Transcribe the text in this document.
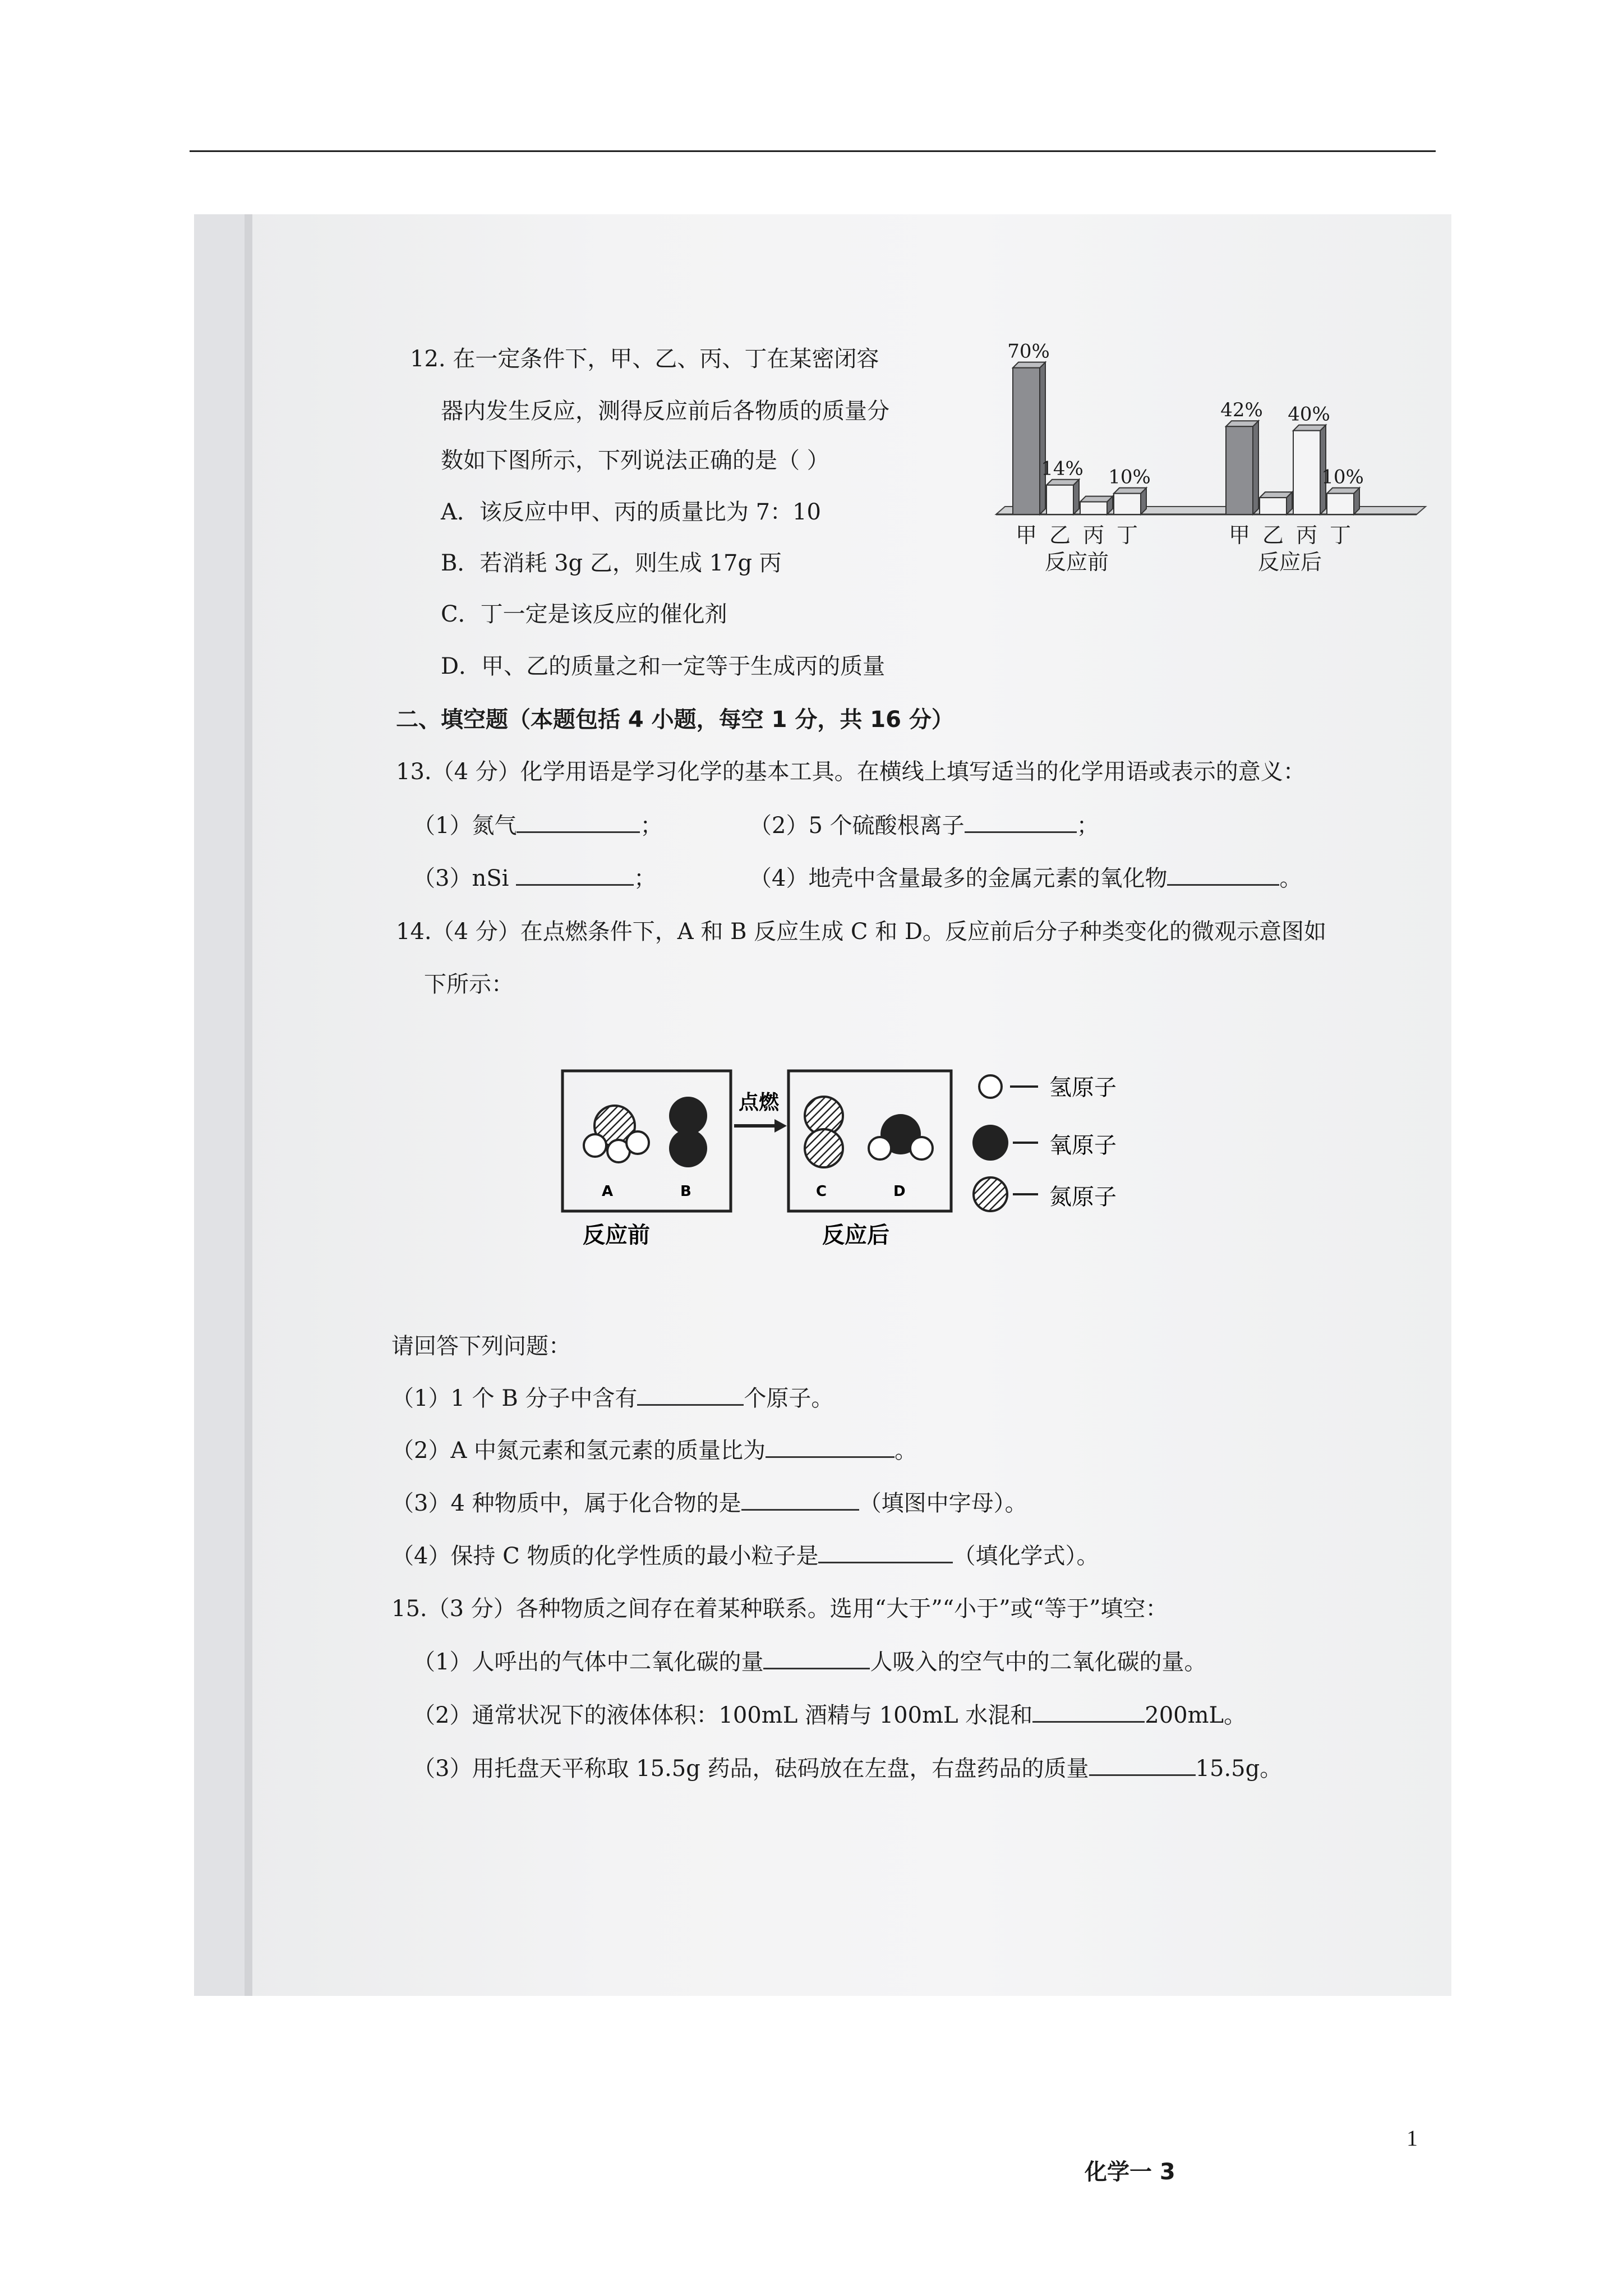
12. 在一定条件下，甲、乙、丙、丁在某密闭容
器内发生反应，测得反应前后各物质的质量分
数如下图所示，下列说法正确的是（ ）
A．该反应中甲、丙的质量比为 7：10
B．若消耗 3g 乙，则生成 17g 丙
C．丁一定是该反应的催化剂
D．甲、乙的质量之和一定等于生成丙的质量
70%
甲
14%
乙 丙
10%
丁
反应前
42%
甲 乙
40%
丙
10%
丁
反应后
二、填空题（本题包括 4 小题，每空 1 分，共 16 分）
13.（4 分）化学用语是学习化学的基本工具。在横线上填写适当的化学用语或表示的意义：
（1）氮气	；	（2）5 个硫酸根离子	；
（3）nSi	；	（4）地壳中含量最多的金属元素的氧化物	。
14.（4 分）在点燃条件下，A 和 B 反应生成 C 和 D。反应前后分子种类变化的微观示意图如
下所示：
A	B
反应前
点燃
C	D
反应后
氢原子
氧原子
氮原子
请回答下列问题：
（1）1 个 B 分子中含有	个原子。
（2）A 中氮元素和氢元素的质量比为	。
（3）4 种物质中，属于化合物的是	（填图中字母）。
（4）保持 C 物质的化学性质的最小粒子是	（填化学式）。
15.（3 分）各种物质之间存在着某种联系。选用“大于”“小于”或“等于”填空：
（1）人呼出的气体中二氧化碳的量	人吸入的空气中的二氧化碳的量。
（2）通常状况下的液体体积：100mL 酒精与 100mL 水混和	200mL。
（3）用托盘天平称取 15.5g 药品，砝码放在左盘，右盘药品的质量	15.5g。
化学一 3
1
